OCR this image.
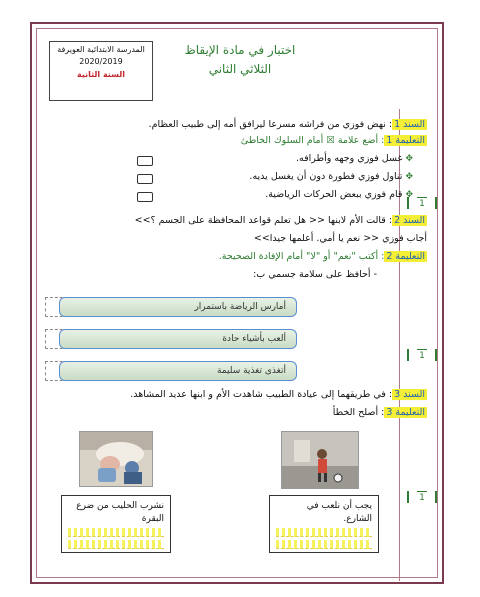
المدرسة الابتدائية العويرفة
2020/2019
السنة الثانية
اختبار في مادة الإيقاظ
الثلاثي الثاني
1
1
1
السند 1: نهض فوزي من فراشه مسرعا ليرافق أمه إلى طبيب العظام.
التعليمة 1: أضع علامة ☒ أمام السلوك الخاطئ
✥ غسل فوزي وجهه وأطرافه.
✥ تناول فوزي فطورة دون أن يغسل يديه.
✥ قام فوزي ببعض الحركات الرياضية.
السند 2: قالت الأم لابنها << هل تعلم قواعد المحافظة على الجسم ؟>>
أجاب فوزي << نعم يا أمي. أعلمها جيدا>>
التعليمة 2: أكتب "نعم" أو "لا" أمام الإفادة الصحيحة.
- أحافظ على سلامة جسمي ب:
أمارس الرياضة باستمرار
ألعب بأشياء حادة
أتغذى تغذية سليمة
السند 3: في طريقهما إلى عيادة الطبيب شاهدت الأم و ابنها عديد المشاهد.
التعليمة 3: أصلح الخطأ
نشرب الحليب من ضرع البقرة
يجب أن نلعب في الشارع.
